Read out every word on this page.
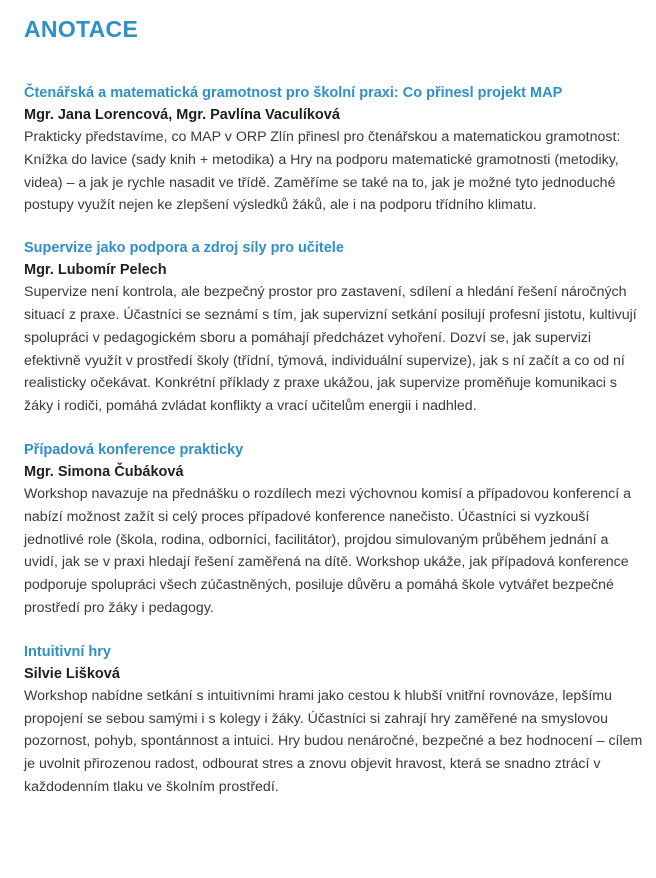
ANOTACE
Čtenářská a matematická gramotnost pro školní praxi: Co přinesl projekt MAP
Mgr. Jana Lorencová, Mgr. Pavlína Vaculíková

Prakticky představíme, co MAP v ORP Zlín přinesl pro čtenářskou a matematickou gramotnost: Knížka do lavice (sady knih + metodika) a Hry na podporu matematické gramotnosti (metodiky, videa) – a jak je rychle nasadit ve třídě. Zaměříme se také na to, jak je možné tyto jednoduché postupy využít nejen ke zlepšení výsledků žáků, ale i na podporu třídního klimatu.

Supervize jako podpora a zdroj síly pro učitele
Mgr. Lubomír Pelech

Supervize není kontrola, ale bezpečný prostor pro zastavení, sdílení a hledání řešení náročných situací z praxe. Účastníci se seznámí s tím, jak supervizní setkání posilují profesní jistotu, kultivují spolupráci v pedagogickém sboru a pomáhají předcházet vyhoření. Dozví se, jak supervizi efektivně využít v prostředí školy (třídní, týmová, individuální supervize), jak s ní začít a co od ní realisticky očekávat. Konkrétní příklady z praxe ukážou, jak supervize proměňuje komunikaci s žáky i rodiči, pomáhá zvládat konflikty a vrací učitelům energii i nadhled.

Případová konference prakticky
Mgr. Simona Čubáková

Workshop navazuje na přednášku o rozdílech mezi výchovnou komisí a případovou konferencí a nabízí možnost zažít si celý proces případové konference nanečisto. Účastníci si vyzkouší jednotlivé role (škola, rodina, odborníci, facilitátor), projdou simulovaným průběhem jednání a uvidí, jak se v praxi hledají řešení zaměřená na dítě. Workshop ukáže, jak případová konference podporuje spolupráci všech zúčastněných, posiluje důvěru a pomáhá škole vytvářet bezpečné prostředí pro žáky i pedagogy.

Intuitivní hry
Silvie Lišková

Workshop nabídne setkání s intuitivními hrami jako cestou k hlubší vnitřní rovnováze, lepšímu propojení se sebou samými i s kolegy i žáky. Účastníci si zahrají hry zaměřené na smyslovou pozornost, pohyb, spontánnost a intuici. Hry budou nenáročné, bezpečné a bez hodnocení – cílem je uvolnit přirozenou radost, odbourat stres a znovu objevit hravost, která se snadno ztrácí v každodenním tlaku ve školním prostředí.
